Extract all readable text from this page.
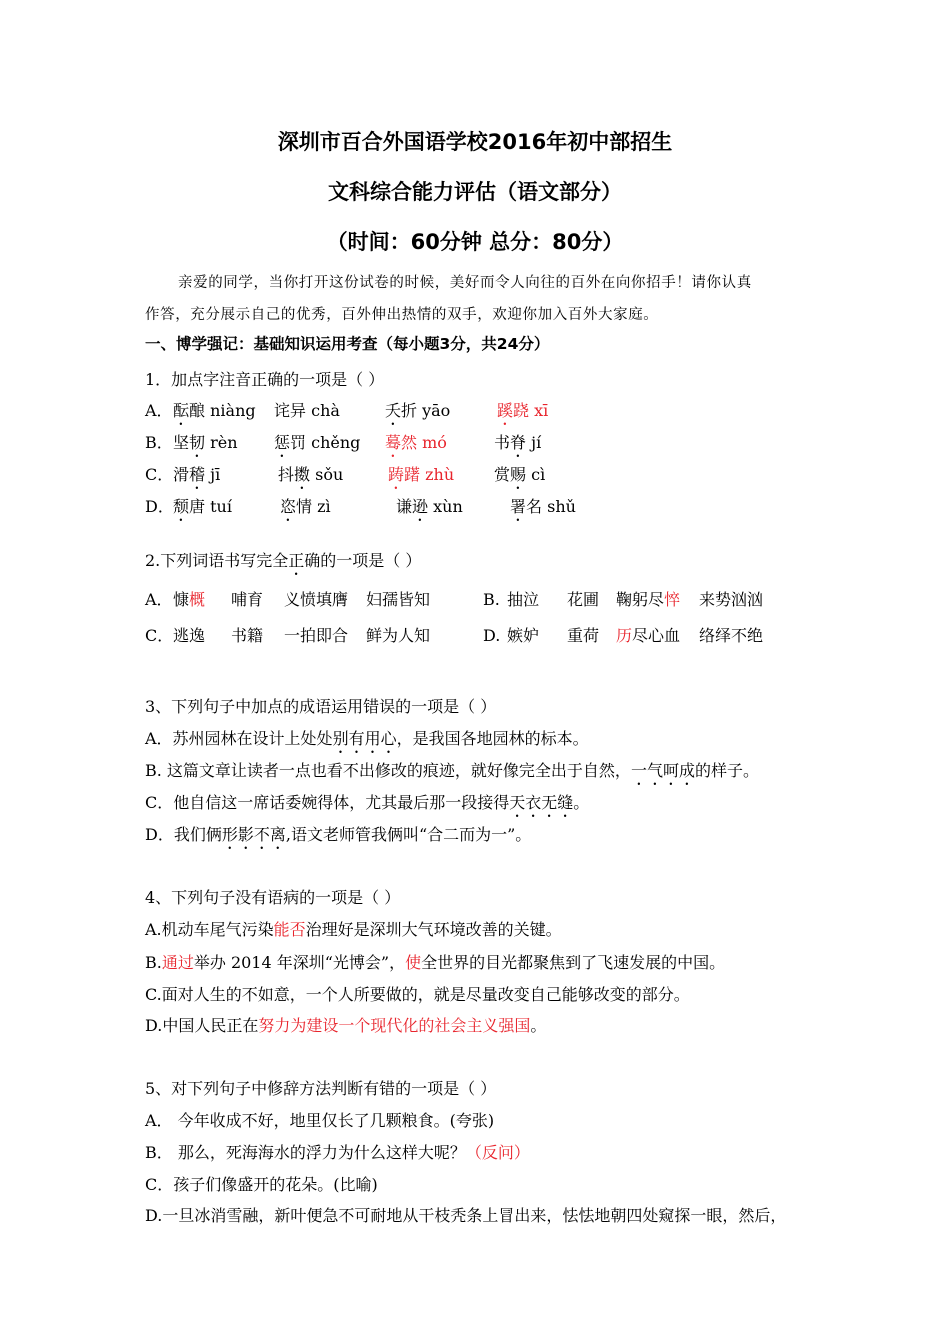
深圳市百合外国语学校2016年初中部招生
文科综合能力评估（语文部分）
（时间：60分钟 总分：80分）
亲爱的同学，当你打开这份试卷的时候，美好而令人向往的百外在向你招手！请你认真
作答，充分展示自己的优秀，百外伸出热情的双手，欢迎你加入百外大家庭。
一、博学强记：基础知识运用考查（每小题3分，共24分）
1．加点字注音正确的一项是（ ）
A． 酝酿 niàng 诧异 chà	夭折 yāo	蹊跷 xī
B． 坚韧 rèn 惩罚 chěng 蓦然 mó	书脊 jí
C． 滑稽 jī	抖擞 sǒu	踌躇 zhù 赏赐 cì
D． 颓唐 tuí	恣情 zì	谦逊 xùn	署名 shǔ
2.下列词语书写完全正确的一项是（ ）
A． 慷概 哺育 义愤填膺 妇孺皆知	B. 抽泣 花圃 鞠躬尽悴 来势汹汹
C． 逃逸 书籍 一拍即合 鲜为人知	D. 嫉妒 重荷 历尽心血 络绎不绝
3、下列句子中加点的成语运用错误的一项是（ ）
A．苏州园林在设计上处处别有用心，是我国各地园林的标本。
B. 这篇文章让读者一点也看不出修改的痕迹，就好像完全出于自然，一气呵成的样子。
C．他自信这一席话委婉得体，尤其最后那一段接得天衣无缝。
D．我们俩形影不离,语文老师管我俩叫“合二而为一”。
4、下列句子没有语病的一项是（ ）
A.机动车尾气污染能否治理好是深圳大气环境改善的关键。
B.通过举办 2014 年深圳“光博会”，使全世界的目光都聚焦到了飞速发展的中国。
C.面对人生的不如意，一个人所要做的，就是尽量改变自己能够改变的部分。
D.中国人民正在努力为建设一个现代化的社会主义强国。
5、对下列句子中修辞方法判断有错的一项是（ ）
A． 今年收成不好，地里仅长了几颗粮食。(夸张)
B． 那么，死海海水的浮力为什么这样大呢？（反问）
C．孩子们像盛开的花朵。(比喻)
D.一旦冰消雪融，新叶便急不可耐地从干枝秃条上冒出来，怯怯地朝四处窥探一眼，然后，
